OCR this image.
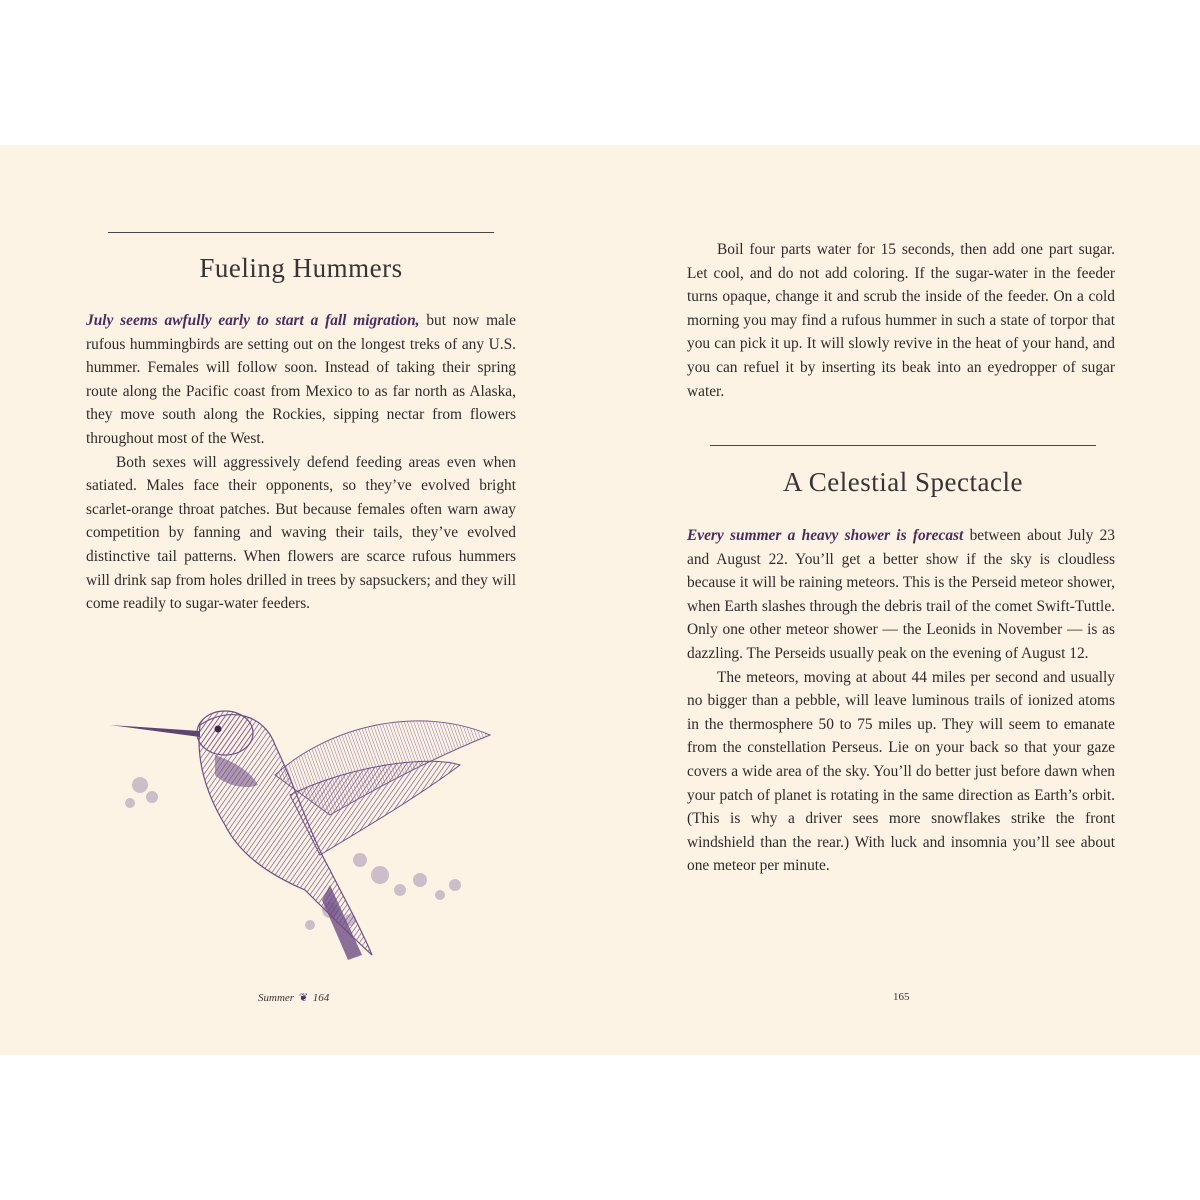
Fueling Hummers

July seems awfully early to start a fall migration, but now male rufous hummingbirds are setting out on the longest treks of any U.S. hummer. Females will follow soon. Instead of taking their spring route along the Pacific coast from Mexico to as far north as Alaska, they move south along the Rockies, sipping nectar from flowers throughout most of the West.

Both sexes will aggressively defend feeding areas even when satiated. Males face their opponents, so they’ve evolved bright scarlet-orange throat patches. But because females often warn away competition by fanning and waving their tails, they’ve evolved distinctive tail patterns. When flowers are scarce rufous hummers will drink sap from holes drilled in trees by sapsuckers; and they will come readily to sugar-water feeders.

Summer ❦ 164

Boil four parts water for 15 seconds, then add one part sugar. Let cool, and do not add coloring. If the sugar-water in the feeder turns opaque, change it and scrub the inside of the feeder. On a cold morning you may find a rufous hummer in such a state of torpor that you can pick it up. It will slowly revive in the heat of your hand, and you can refuel it by inserting its beak into an eyedropper of sugar water.

A Celestial Spectacle

Every summer a heavy shower is forecast between about July 23 and August 22. You’ll get a better show if the sky is cloudless because it will be raining meteors. This is the Perseid meteor shower, when Earth slashes through the debris trail of the comet Swift-Tuttle. Only one other meteor shower — the Leonids in November — is as dazzling. The Perseids usually peak on the evening of August 12.

The meteors, moving at about 44 miles per second and usually no bigger than a pebble, will leave luminous trails of ionized atoms in the thermosphere 50 to 75 miles up. They will seem to emanate from the constellation Perseus. Lie on your back so that your gaze covers a wide area of the sky. You’ll do better just before dawn when your patch of planet is rotating in the same direction as Earth’s orbit. (This is why a driver sees more snowflakes strike the front windshield than the rear.) With luck and insomnia you’ll see about one meteor per minute.

165
